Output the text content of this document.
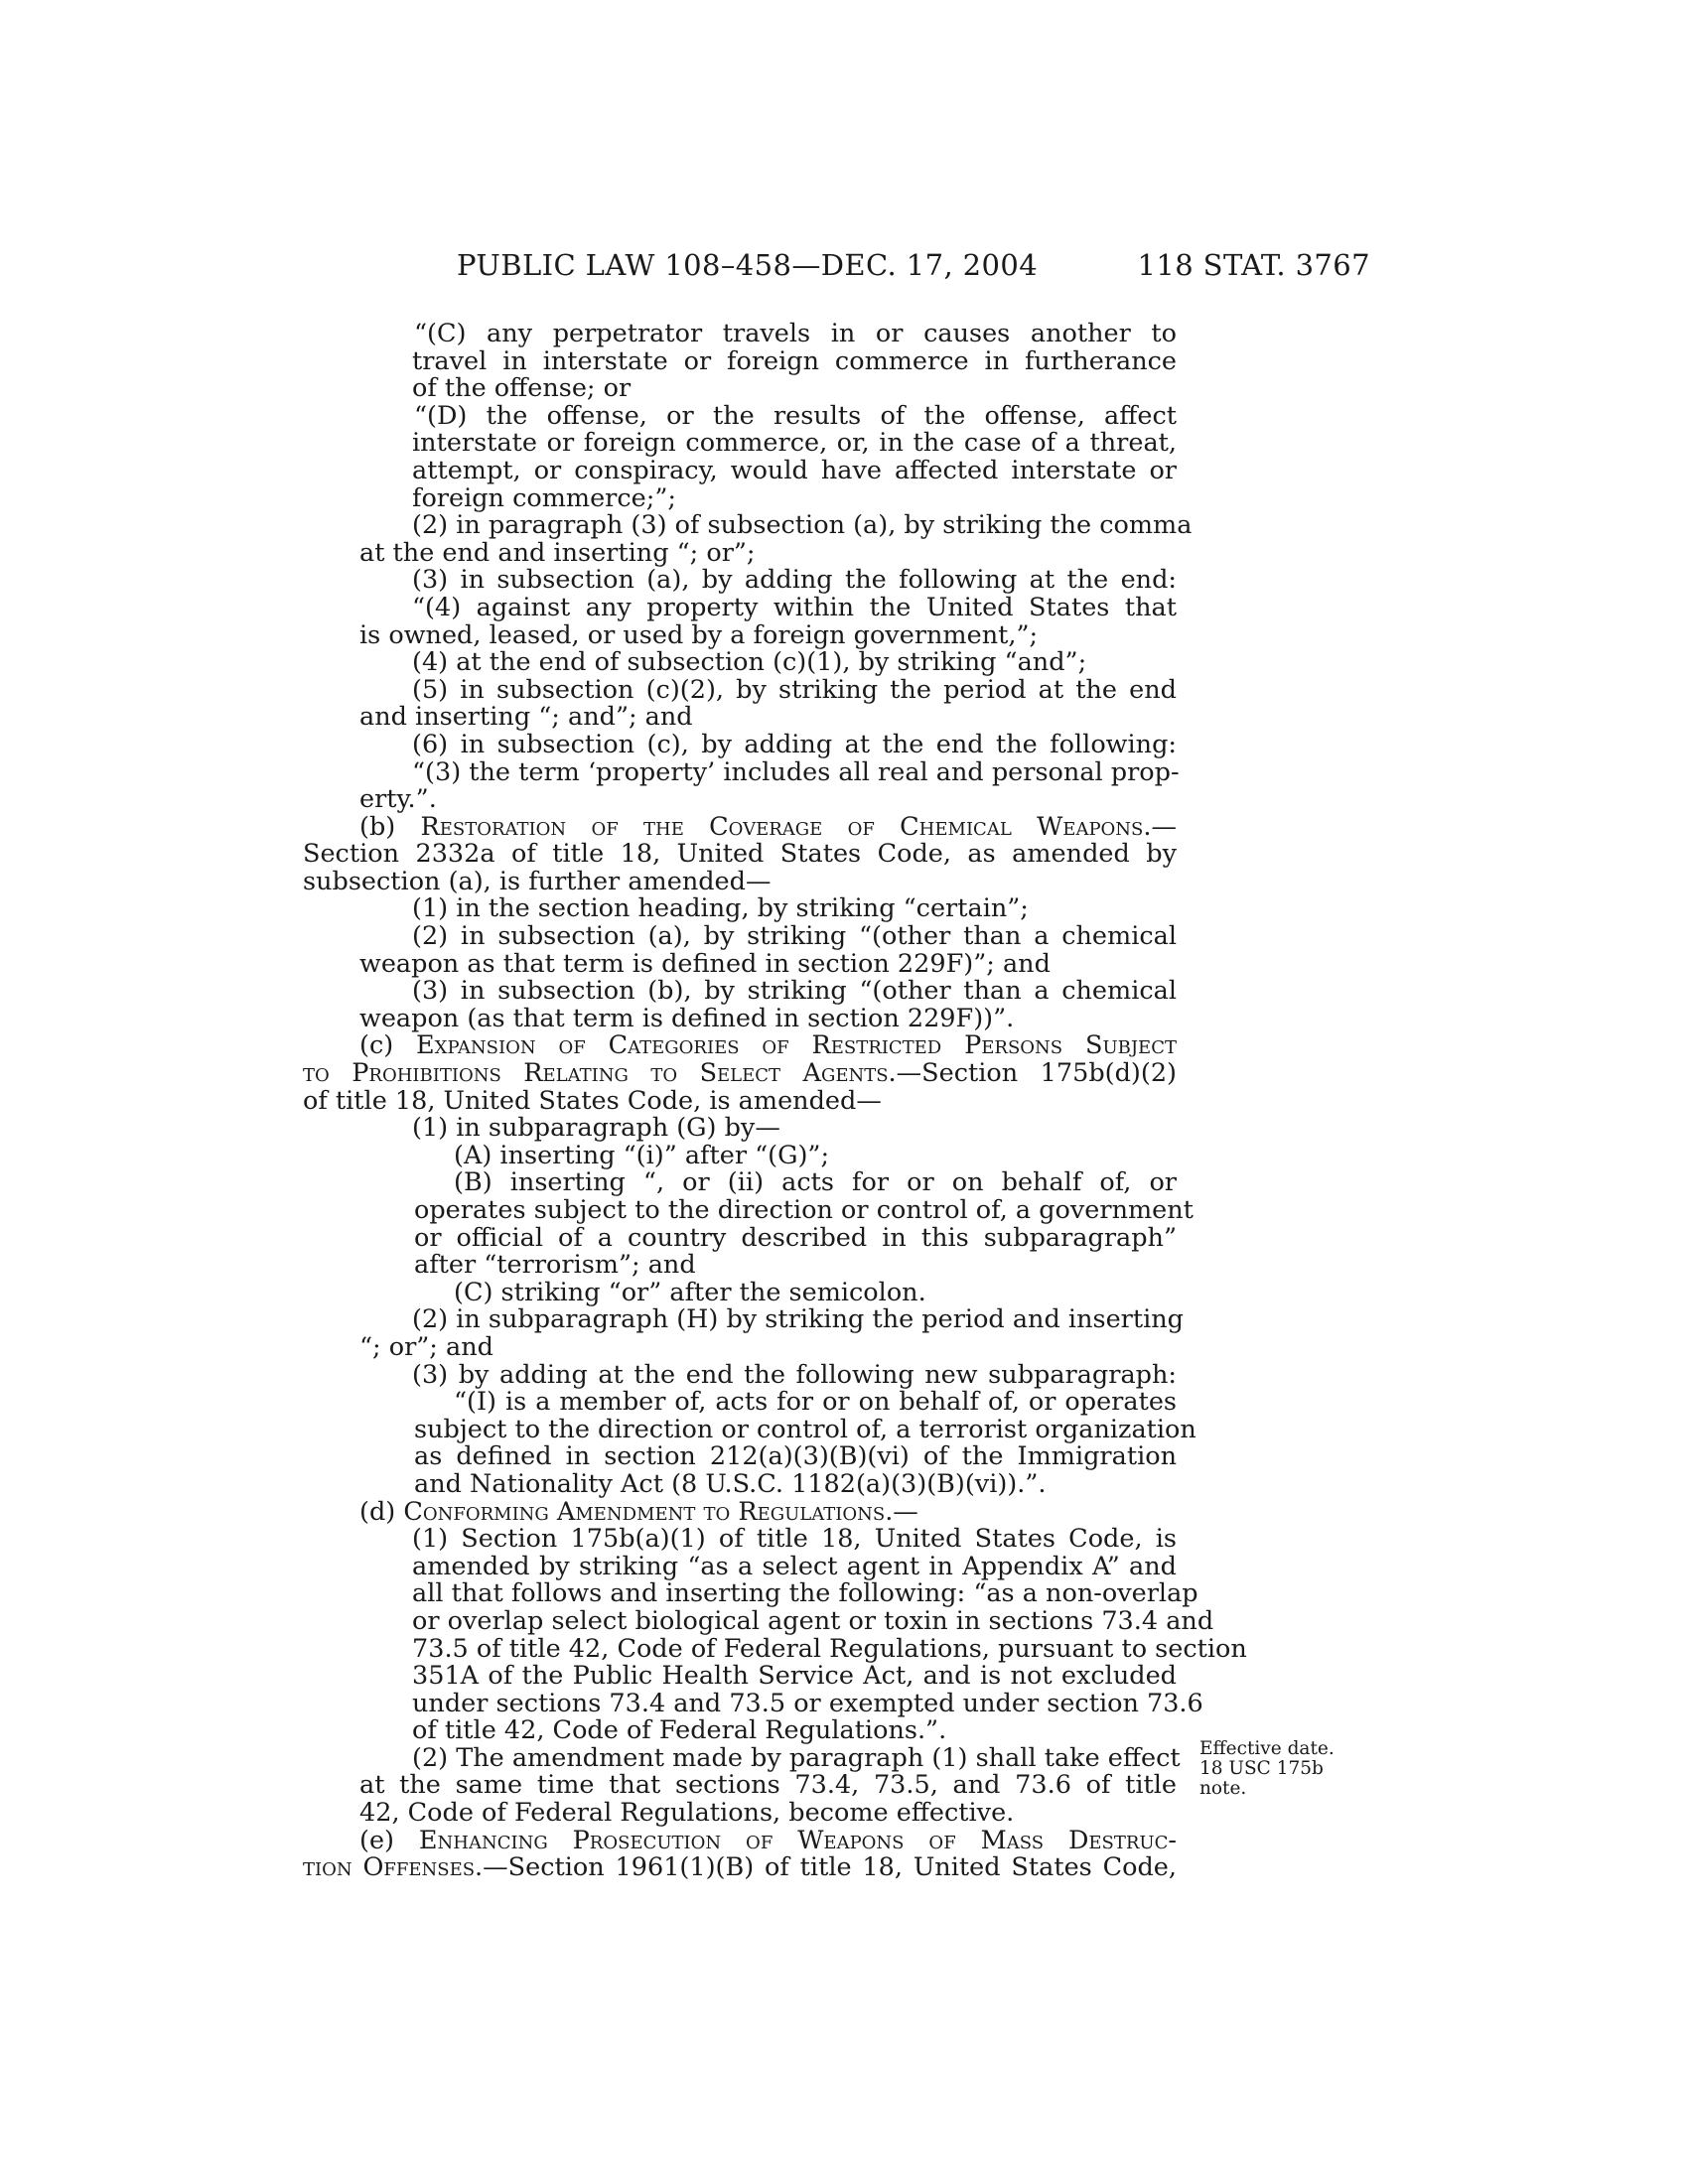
PUBLIC LAW 108–458—DEC. 17, 2004	118 STAT. 3767
“(C) any perpetrator travels in or causes another to
travel in interstate or foreign commerce in furtherance
of the offense; or
“(D) the offense, or the results of the offense, affect
interstate or foreign commerce, or, in the case of a threat,
attempt, or conspiracy, would have affected interstate or
foreign commerce;”;
(2) in paragraph (3) of subsection (a), by striking the comma
at the end and inserting “; or”;
(3) in subsection (a), by adding the following at the end:
“(4) against any property within the United States that
is owned, leased, or used by a foreign government,”;
(4) at the end of subsection (c)(1), by striking “and”;
(5) in subsection (c)(2), by striking the period at the end
and inserting “; and”; and
(6) in subsection (c), by adding at the end the following:
“(3) the term ‘property’ includes all real and personal prop-
erty.”.
(b) Restoration of the Coverage of Chemical Weapons.—
Section 2332a of title 18, United States Code, as amended by
subsection (a), is further amended—
(1) in the section heading, by striking “certain”;
(2) in subsection (a), by striking “(other than a chemical
weapon as that term is defined in section 229F)”; and
(3) in subsection (b), by striking “(other than a chemical
weapon (as that term is defined in section 229F))”.
(c) Expansion of Categories of Restricted Persons Subject
to Prohibitions Relating to Select Agents.—Section 175b(d)(2)
of title 18, United States Code, is amended—
(1) in subparagraph (G) by—
(A) inserting “(i)” after “(G)”;
(B) inserting “, or (ii) acts for or on behalf of, or
operates subject to the direction or control of, a government
or official of a country described in this subparagraph”
after “terrorism”; and
(C) striking “or” after the semicolon.
(2) in subparagraph (H) by striking the period and inserting
“; or”; and
(3) by adding at the end the following new subparagraph:
“(I) is a member of, acts for or on behalf of, or operates
subject to the direction or control of, a terrorist organization
as defined in section 212(a)(3)(B)(vi) of the Immigration
and Nationality Act (8 U.S.C. 1182(a)(3)(B)(vi)).”.
(d) Conforming Amendment to Regulations.—
(1) Section 175b(a)(1) of title 18, United States Code, is
amended by striking “as a select agent in Appendix A” and
all that follows and inserting the following: “as a non-overlap
or overlap select biological agent or toxin in sections 73.4 and
73.5 of title 42, Code of Federal Regulations, pursuant to section
351A of the Public Health Service Act, and is not excluded
under sections 73.4 and 73.5 or exempted under section 73.6
of title 42, Code of Federal Regulations.”.
(2) The amendment made by paragraph (1) shall take effect
at the same time that sections 73.4, 73.5, and 73.6 of title
42, Code of Federal Regulations, become effective.
(e) Enhancing Prosecution of Weapons of Mass Destruc-
tion Offenses.—Section 1961(1)(B) of title 18, United States Code,
Effective date.
18 USC 175b
note.
